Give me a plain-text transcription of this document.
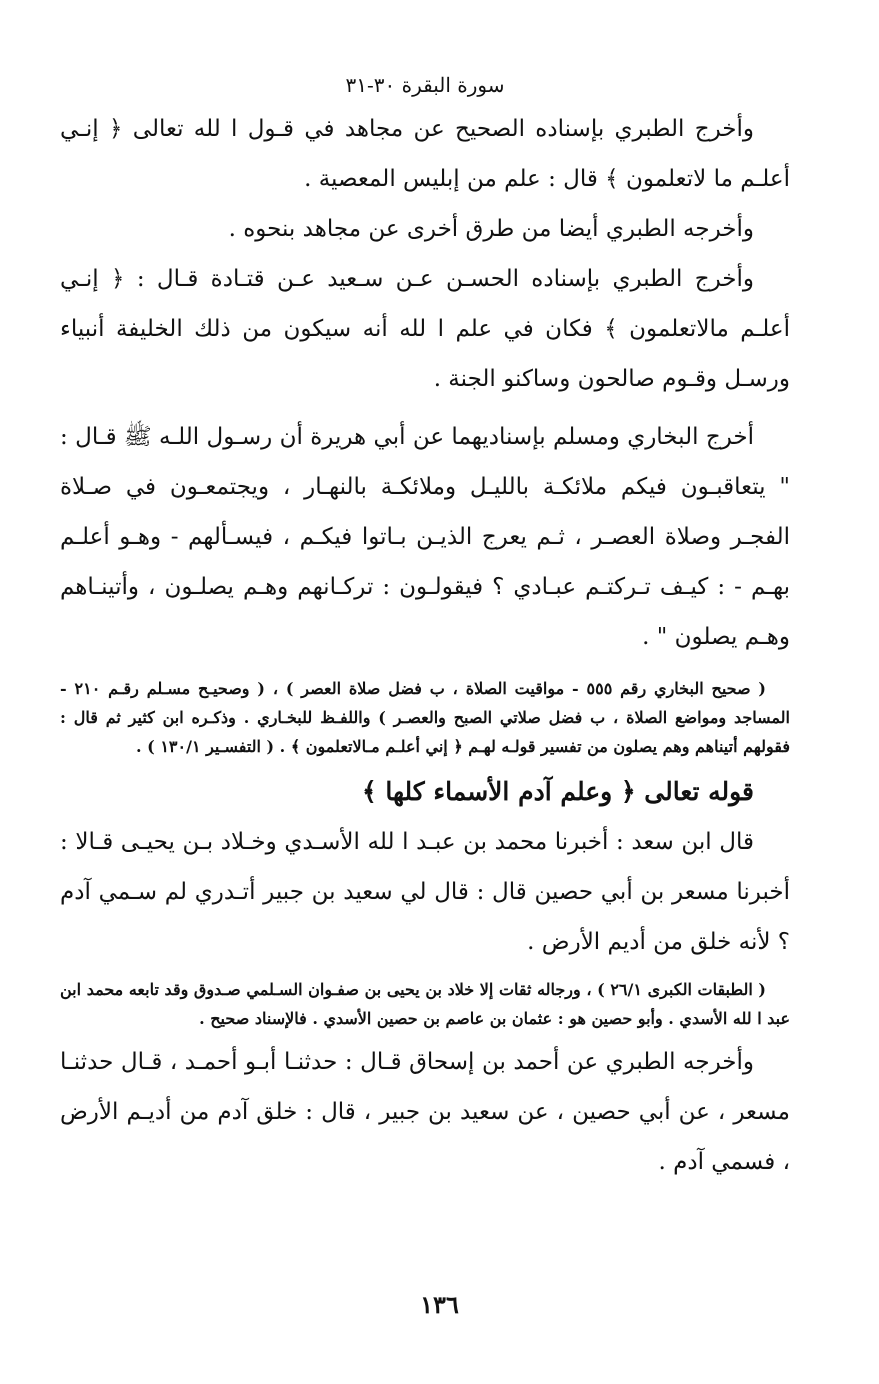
سورة البقرة ٣٠-٣١

وأخرج الطبري بإسناده الصحيح عن مجاهد في قـول ا لله تعالى ﴿ إنـي أعلـم ما لاتعلمون ﴾ قال : علم من إبليس المعصية .

وأخرجه الطبري أيضا من طرق أخرى عن مجاهد بنحوه .

وأخرج الطبري بإسناده الحسـن عـن سـعيد عـن قتـادة قـال : ﴿ إنـي أعلـم مالاتعلمون ﴾ فكان في علم ا لله أنه سيكون من ذلك الخليفة أنبياء ورسـل وقـوم صالحون وساكنو الجنة .

أخرج البخاري ومسلم بإسناديهما عن أبي هريرة أن رسـول اللـه ﷺ قـال : " يتعاقبـون فيكم ملائكـة بالليـل وملائكـة بالنهـار ، ويجتمعـون في صـلاة الفجـر وصلاة العصـر ، ثـم يعرج الذيـن بـاتوا فيكـم ، فيسـألهم - وهـو أعلـم بهـم - : كيـف تـركتـم عبـادي ؟ فيقولـون : تركـانهم وهـم يصلـون ، وأتينـاهم وهـم يصلون " .

( صحيح البخاري رقم ٥٥٥ - مواقيت الصلاة ، ب فضل صلاة العصر ) ، ( وصحيـح مسـلم رقـم ٢١٠ - المساجد ومواضع الصلاة ، ب فضل صلاتي الصبح والعصـر ) واللفـظ للبخـاري . وذكـره ابن كثير ثم قال : فقولهم أتيناهم وهم يصلون من تفسير قولـه لهـم ﴿ إني أعلـم مـالاتعلمون ﴾ . ( التفسـير ١٣٠/١ ) .

قوله تعالى ﴿ وعلم آدم الأسماء كلها ﴾

قال ابن سعد : أخبرنا محمد بن عبـد ا لله الأسـدي وخـلاد بـن يحيـى قـالا : أخبرنا مسعر بن أبي حصين قال : قال لي سعيد بن جبير أتـدري لم سـمي آدم ؟ لأنه خلق من أديم الأرض .

( الطبقات الكبرى ٢٦/١ ) ، ورجاله ثقات إلا خلاد بن يحيى بن صفـوان السـلمي صـدوق وقد تابعه محمد ابن عبد ا لله الأسدي . وأبو حصين هو : عثمان بن عاصم بن حصين الأسدي . فالإسناد صحيح .

وأخرجه الطبري عن أحمد بن إسحاق قـال : حدثنـا أبـو أحمـد ، قـال حدثنـا مسعر ، عن أبي حصين ، عن سعيد بن جبير ، قال : خلق آدم من أديـم الأرض ، فسمي آدم .

١٣٦
